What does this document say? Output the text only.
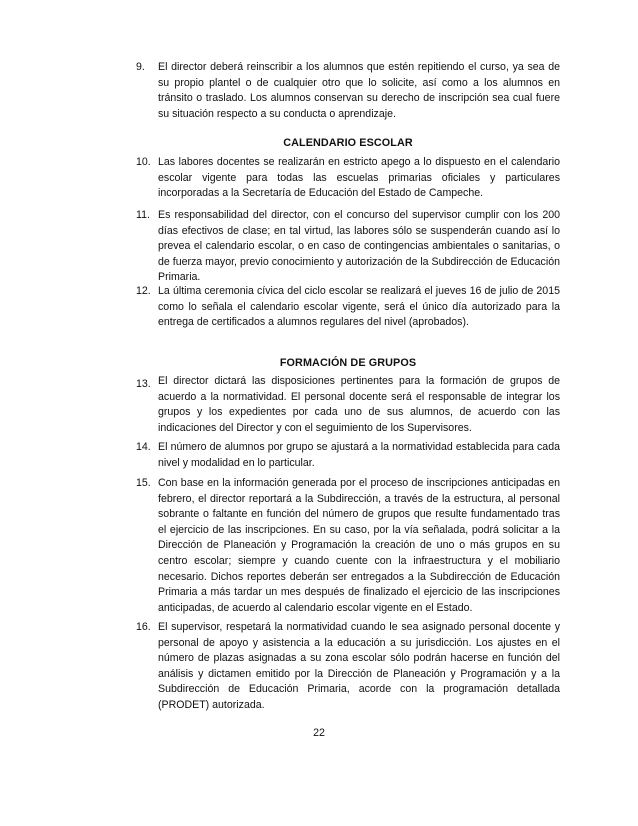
9.	El director deberá reinscribir a los alumnos que estén repitiendo el curso, ya sea de su propio plantel o de cualquier otro que lo solicite, así como a los alumnos en tránsito o traslado. Los alumnos conservan su derecho de inscripción sea cual fuere su situación respecto a su conducta o aprendizaje.
CALENDARIO ESCOLAR
10. Las labores docentes se realizarán en estricto apego a lo dispuesto en el calendario escolar vigente para todas las escuelas primarias oficiales y particulares incorporadas a la Secretaría de Educación del Estado de Campeche.
11. Es responsabilidad del director, con el concurso del supervisor cumplir con los 200 días efectivos de clase; en tal virtud, las labores sólo se suspenderán cuando así lo prevea el calendario escolar, o en caso de contingencias ambientales o sanitarias, o de fuerza mayor, previo conocimiento y autorización de la Subdirección de Educación Primaria.
12. La última ceremonia cívica del ciclo escolar se realizará el jueves 16 de julio de 2015 como lo señala el calendario escolar vigente, será el único día autorizado para la entrega de certificados a alumnos regulares del nivel (aprobados).
FORMACIÓN DE GRUPOS
13. El director dictará las disposiciones pertinentes para la formación de grupos de acuerdo a la normatividad. El personal docente será el responsable de integrar los grupos y los expedientes por cada uno de sus alumnos, de acuerdo con las indicaciones del Director y con el seguimiento de los Supervisores.
14. El número de alumnos por grupo se ajustará a la normatividad establecida para cada nivel y modalidad en lo particular.
15. Con base en la información generada por el proceso de inscripciones anticipadas en febrero, el director reportará a la Subdirección, a través de la estructura, al personal sobrante o faltante en función del número de grupos que resulte fundamentado tras el ejercicio de las inscripciones. En su caso, por la vía señalada, podrá solicitar a la Dirección de Planeación y Programación la creación de uno o más grupos en su centro escolar; siempre y cuando cuente con la infraestructura y el mobiliario necesario. Dichos reportes deberán ser entregados a la Subdirección de Educación Primaria a más tardar un mes después de finalizado el ejercicio de las inscripciones anticipadas, de acuerdo al calendario escolar vigente en el Estado.
16. El supervisor, respetará la normatividad cuando le sea asignado personal docente y personal de apoyo y asistencia a la educación a su jurisdicción. Los ajustes en el número de plazas asignadas a su zona escolar sólo podrán hacerse en función del análisis y dictamen emitido por la Dirección de Planeación y Programación y a la Subdirección de Educación Primaria, acorde con la programación detallada (PRODET) autorizada.
22
